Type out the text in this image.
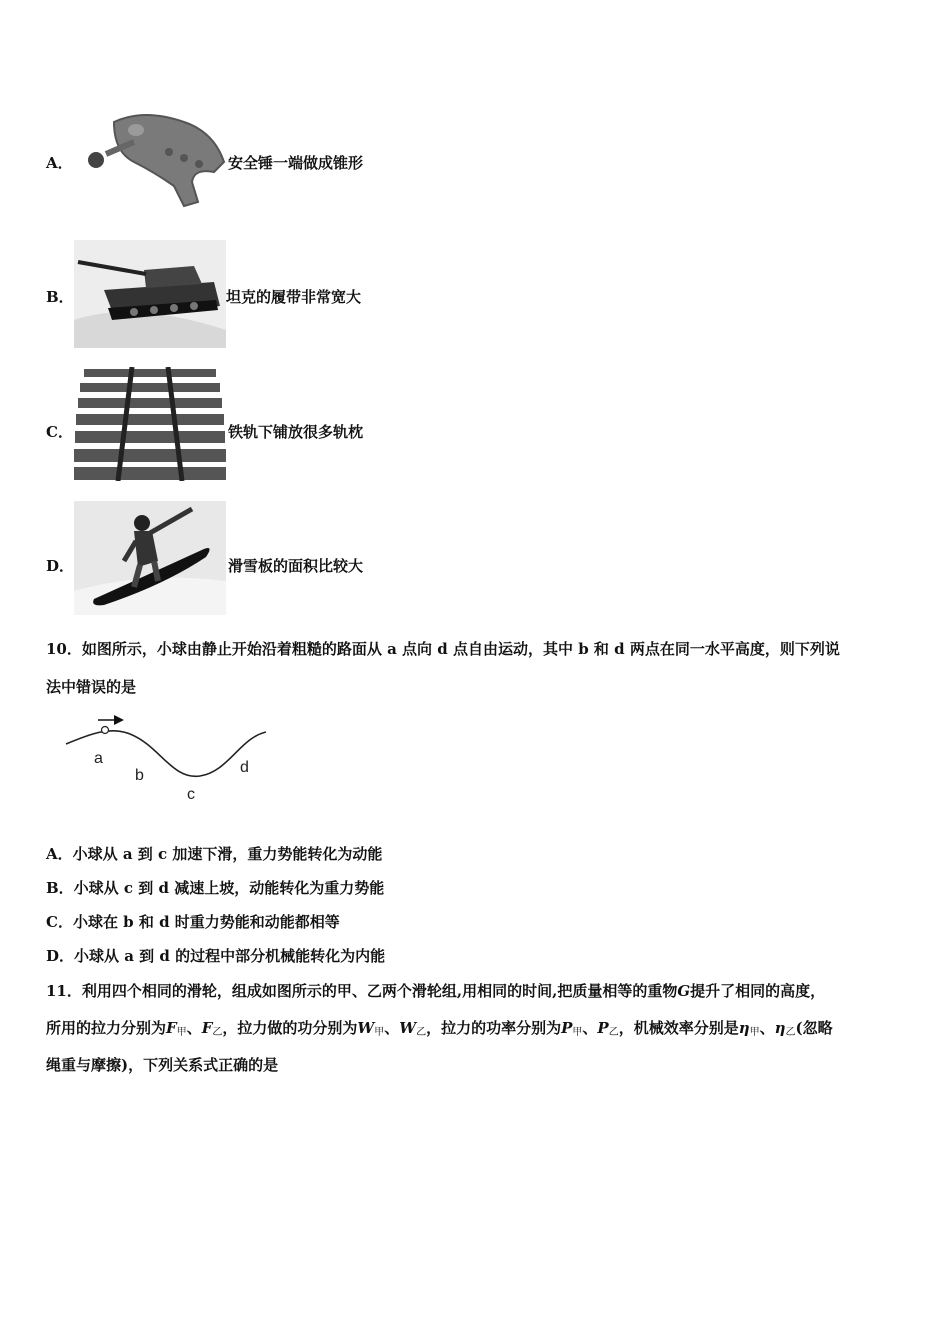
A．	安全锤一端做成锥形
B．	坦克的履带非常宽大
C．	铁轨下铺放很多轨枕
D．	滑雪板的面积比较大
10．如图所示，小球由静止开始沿着粗糙的路面从 a 点向 d 点自由运动，其中 b 和 d 两点在同一水平高度，则下列说
法中错误的是
a
b
c
d
A．小球从 a 到 c 加速下滑，重力势能转化为动能
B．小球从 c 到 d 减速上坡，动能转化为重力势能
C．小球在 b 和 d 时重力势能和动能都相等
D．小球从 a 到 d 的过程中部分机械能转化为内能
11．利用四个相同的滑轮，组成如图所示的甲、乙两个滑轮组,用相同的时间,把质量相等的重物G提升了相同的高度，
所用的拉力分别为$F_甲$、$F_乙$，拉力做的功分别为$W_甲$、$W_乙$，拉力的功率分别为$P_甲$、$P_乙$，机械效率分别是$\eta_甲$、$\eta_乙$(忽略
绳重与摩擦)，下列关系式正确的是
